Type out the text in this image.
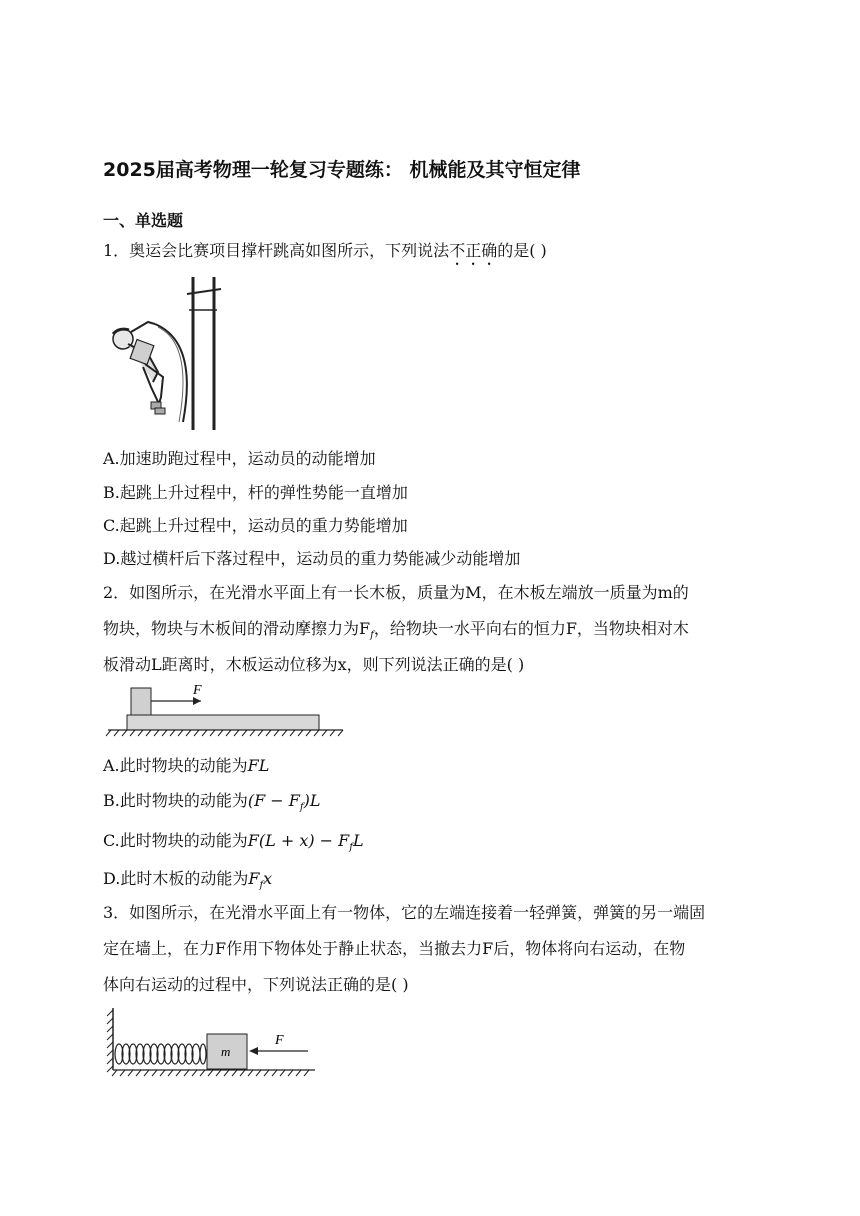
2025届高考物理一轮复习专题练： 机械能及其守恒定律
一、单选题
1．奥运会比赛项目撑杆跳高如图所示，下列说法不正确的是( )
A.加速助跑过程中，运动员的动能增加
B.起跳上升过程中，杆的弹性势能一直增加
C.起跳上升过程中，运动员的重力势能增加
D.越过横杆后下落过程中，运动员的重力势能减少动能增加
2．如图所示，在光滑水平面上有一长木板，质量为M，在木板左端放一质量为m的
物块，物块与木板间的滑动摩擦力为$F_f$，给物块一水平向右的恒力F，当物块相对木
板滑动L距离时，木板运动位移为x，则下列说法正确的是( )
F
A.此时物块的动能为FL
B.此时物块的动能为$(F - F_f)L$
C.此时物块的动能为$F(L + x) - F_fL$
D.此时木板的动能为$F_fx$
3．如图所示，在光滑水平面上有一物体，它的左端连接着一轻弹簧，弹簧的另一端固
定在墙上，在力F作用下物体处于静止状态，当撤去力F后，物体将向右运动，在物
体向右运动的过程中，下列说法正确的是( )
m
F
